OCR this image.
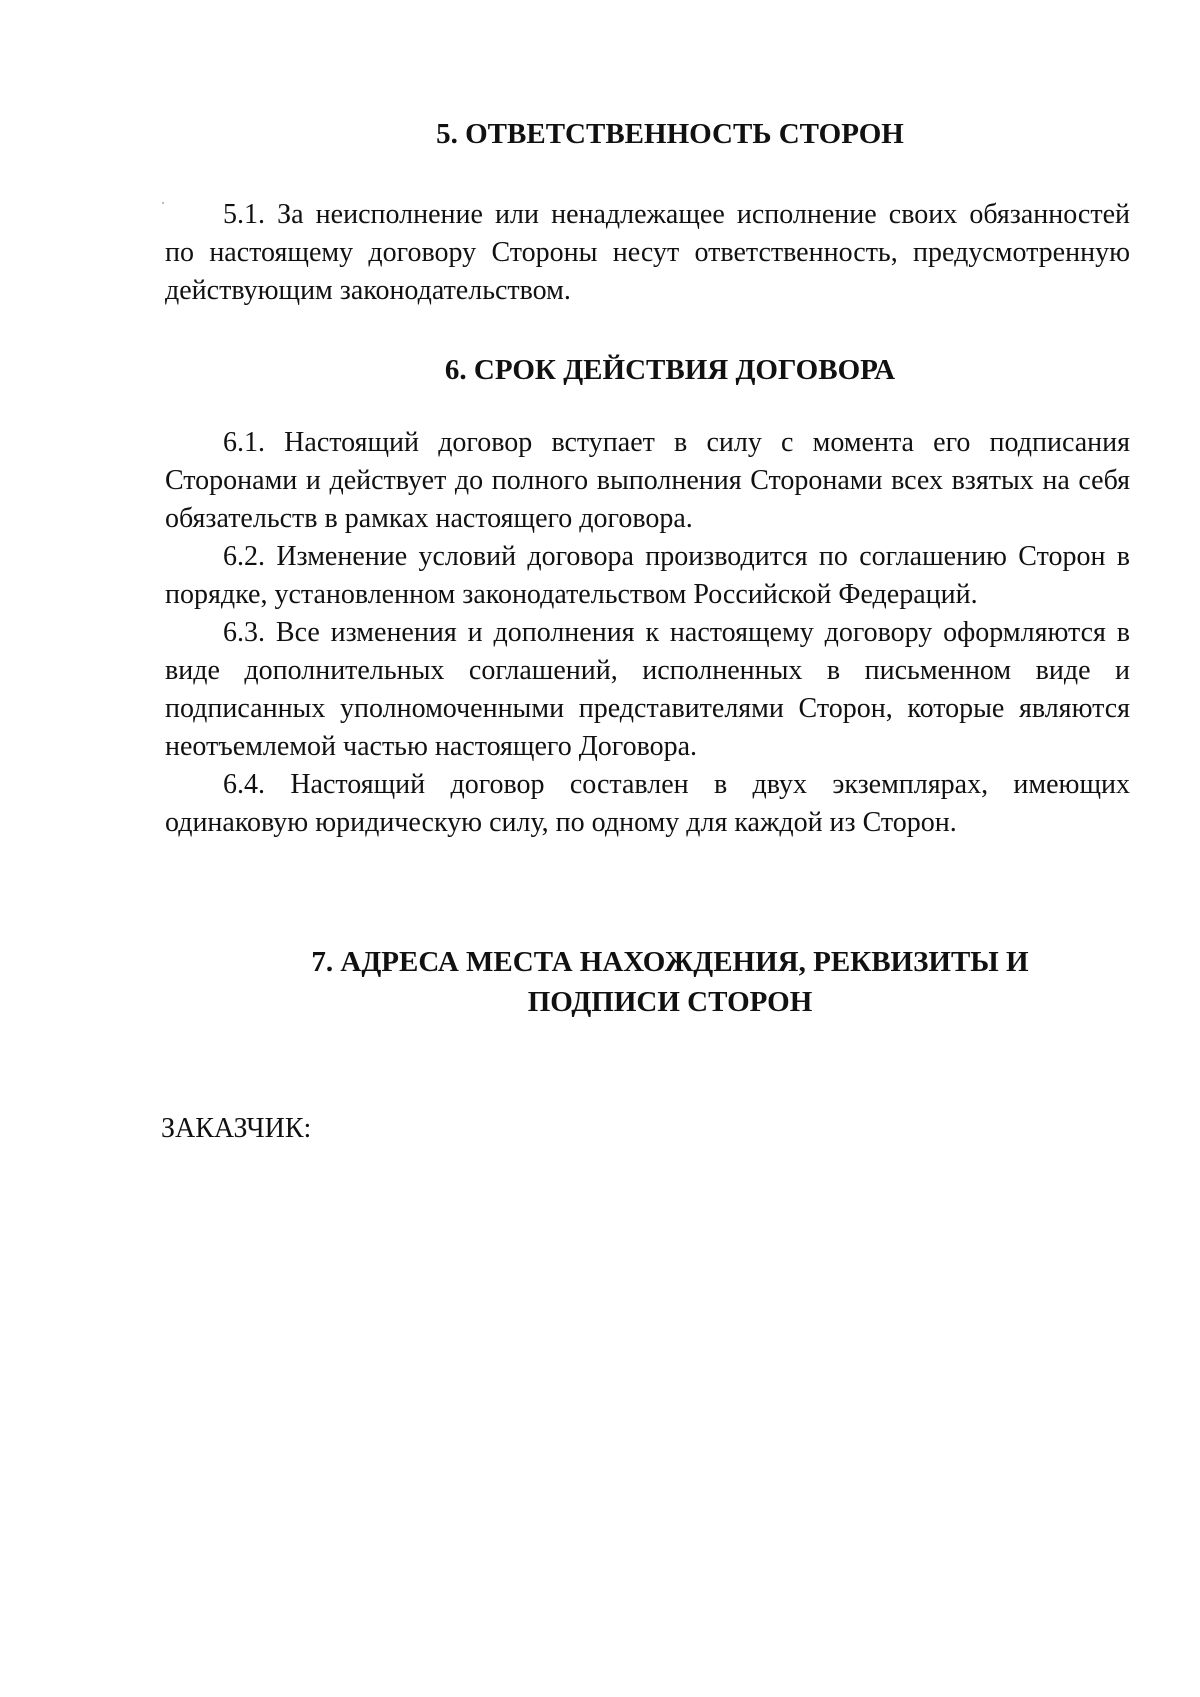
5. ОТВЕТСТВЕННОСТЬ СТОРОН

5.1. За неисполнение или ненадлежащее исполнение своих обязанностей по настоящему договору Стороны несут ответственность, предусмотренную действующим законодательством.

6. СРОК ДЕЙСТВИЯ ДОГОВОРА

6.1. Настоящий договор вступает в силу с момента его подписания Сторонами и действует до полного выполнения Сторонами всех взятых на себя обязательств в рамках настоящего договора.

6.2. Изменение условий договора производится по соглашению Сторон в порядке, установленном законодательством Российской Федераций.

6.3. Все изменения и дополнения к настоящему договору оформляются в виде дополнительных соглашений, исполненных в письменном виде и подписанных уполномоченными представителями Сторон, которые являются неотъемлемой частью настоящего Договора.

6.4. Настоящий договор составлен в двух экземплярах, имеющих одинаковую юридическую силу, по одному для каждой из Сторон.

7. АДРЕСА МЕСТА НАХОЖДЕНИЯ, РЕКВИЗИТЫ И
ПОДПИСИ СТОРОН
ЗАКАЗЧИК:
